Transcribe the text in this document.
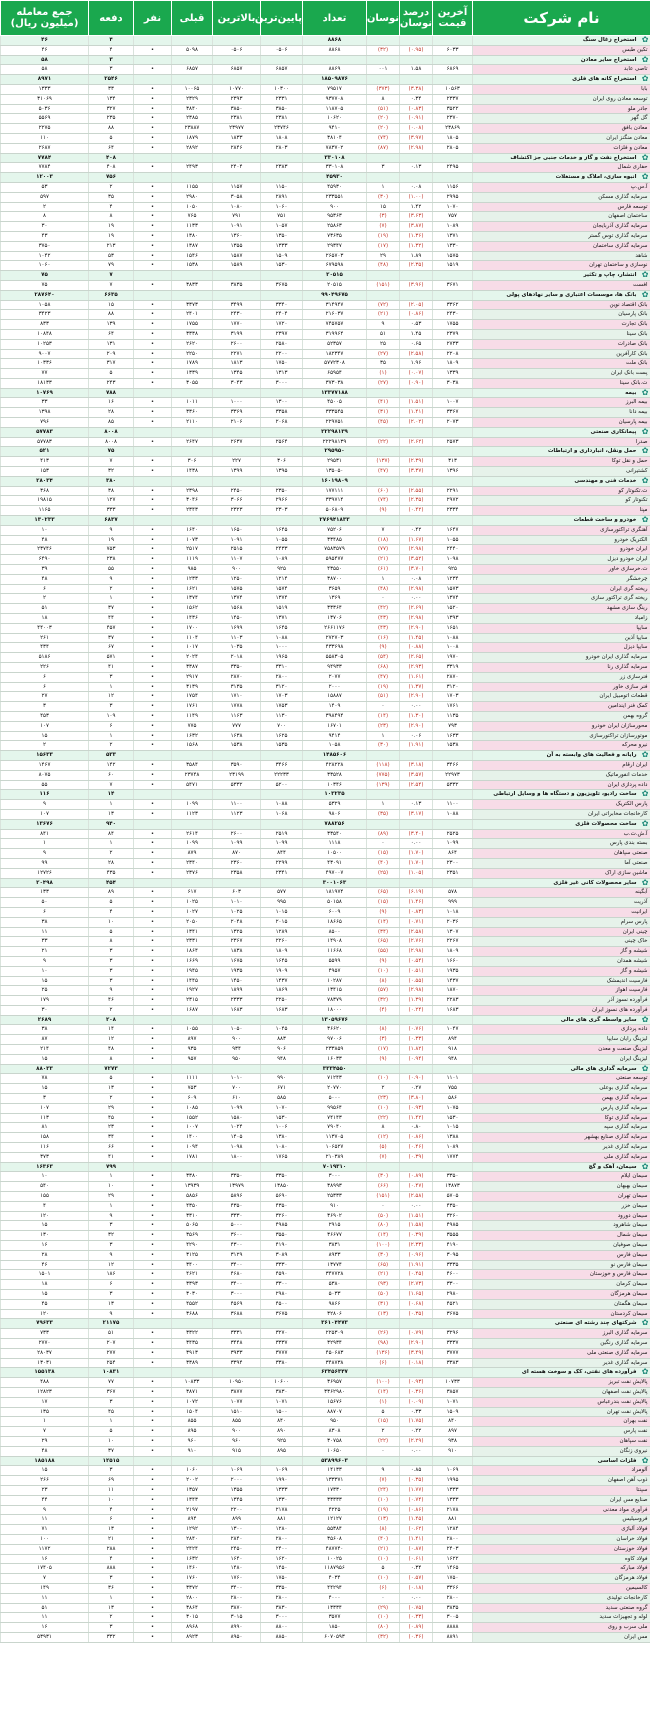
نام شرکت	آخرین قیمت	درصد نوسان	نوسان	تعداد	پایین‌ترین	بالاترین	قبلی	نفر	دفعه	جمع معامله (میلیون ریال)

✿
استخراج زغال سنگ				۸۸۶۸					۴	۴۶
تکین طبس	۶۰۳۳	(۰.۹۵)	(۳۲)	۸۸۶۸	۰۵۰۶	۰۵۰۶	۵۰۹۸	•	۴	۴۶

✿
استخراج سایر معادن									۳	۵۸
تاصی عابد	۶۸۶۹	۱.۵۸	۰۰۱	۸۸۶۹	۶۸۵۷	۶۸۵۷	۶۸۵۷	•	۳	۵۸

✿
استخراج کانه های فلزی				۱۸۵۰۹۸۷۶					۲۵۴۶	۸۹۷۱
بابا	۱۰۵۶۳	(۳.۳۸)	(۳۷۳)	۷۹۵۱۷	۱۰۳۰۰	۱۰۷۷۰	۱۰۰۶۵	•	۳۳	۱۳۳۳
توسعه معادن روی ایران	۲۳۳۷	۰.۳۴	۸	۹۳۷۷۰۸	۲۳۳۱	۲۳۹۳	۲۳۲۹	•	۱۳۴	۳۱۰۶۹
جادر ملو	۳۵۲۲	(۰.۸۳)	(۵۱)	۱۱۸۷۰۵	۳۸۵۰	۳۸۵۰	۳۸۴۰	•	۳۲۷	۵۰۳۶
گل گهر	۲۳۷۰	(۰.۹۱)	(۲۰)	۱۰۶۲۰	۲۳۸۱	۲۳۸۱	۲۳۸۵	•	۲۳۵	۵۵۶۹
معادن بافق	۲۳۸۶۹	(۰.۰۸)	(۲۰)	۹۴۱۰	۲۳۷۴۶	۲۳۹۷۷	۲۳۸۸۷	•	۸۸	۲۲۷۵
معادن منگنز ایران	۱۸۰۵	(۳.۹۷)	(۷۴)	۳۸۱۰۴	۱۸۰۸	۱۸۳۳	۱۸۷۹	•	۵	۱۱۰
معادن و فلزات	۲۸۰۵	(۲.۹۸)	(۸۷)	۷۸۳۷۰۲	۲۸۰۳	۲۸۴۶	۲۸۹۲	•	۶۴	۲۶۸۷

✿
استخراج نفت و گاز و خدمات جنبی جز اکتشاف				۳۳۰۱۰۸					۴۰۸	۷۷۸۴
حفاری شمال	۲۴۹۵	۰.۱۳	۳	۳۳۰۱۰۸	۲۳۸۳	۲۴۰۴	۲۴۹۳	•	۴۰۸	۷۷۸۴

✿
انبوه سازی، املاک و مستغلات				۴۵۹۳۰					۷۵۶	۱۲۰۰۳
آ.س.پ	۱۱۵۶	۰.۰۸	۱	۴۵۹۳۰	۱۱۵۰	۱۱۵۷	۱۱۵۵	•	۲	۵۳
سرمایه گذاری مسکن	۲۹۹۵	(۱.۰۰)	(۳۰)	۲۳۳۵۵۱	۲۸۹۱	۳۰۵۸	۲۹۸۰	•	۳۵	۵۹۷
توسعه فارس	۱۰۷۰	۱.۴۲	۱۵	۹۰۰	۱۰۶۰	۱۰۸۰	۱۰۵۰	•	۴	۲
ساختمان اصفهان	۷۵۷	(۳.۶۳)	(۳)	۹۵۳۶۳	۷۵۱	۷۹۱	۷۶۵	•	۸	۸
سرمایه گذاری آذربایجان	۱۰۸۹	(۳.۸۷)	(۷)	۲۵۸۶۳	۱۰۵۷	۱۰۹۱	۱۱۳۳	•	۱۹	۳۰
سرمایه گذاری توس گستر	۱۳۷۱	(۱.۳۶)	(۱۹)	۷۳۶۳۵	۱۳۵۰	۱۳۶۰	۱۳۸۰	•	۱۹	۴۳
سرمایه گذاری ساختمان	۱۳۳۰	(۱.۳۲)	(۱۷)	۲۹۳۴۷	۱۳۳۳	۱۳۵۵	۱۳۸۷	•	۲۱۳	۳۷۵۰
شاهد	۱۵۷۵	۱.۸۹	۲۹	۲۶۵۷۰۳	۱۵۰۹	۱۵۸۷	۱۵۴۶	•	۵۳	۱۰۴۲
نوسازی و ساختمان تهران	۱۵۱۹	(۲.۳۵)	(۴۸)	۶۷۹۵۹۸	۱۵۳۰	۱۵۸۹	۱۵۳۸	•	۷۹	۱۰۶۰

✿
انتشار، چاپ و تکثیر				۲۰۵۱۵					۷	۷۵
افست	۳۶۷۱	(۳.۹۶)	(۱۵۱)	۲۰۵۱۵	۳۶۷۵	۳۸۳۵	۳۸۳۳	•	۷	۷۵

✿
بانک ها، موسسات اعتباری و سایر نهادهای پولی				۹۹۰۴۹۶۷۵					۶۶۳۵	۲۸۷۶۴۰
بانک اقتصاد نوین	۳۳۶۲	(۲.۰۵)	(۷۲)	۳۱۴۹۴۷	۳۳۴۰	۳۴۹۹	۳۳۷۳	•	۱۵	۱۰۵۸
بانک پارسیان	۲۴۳۰	(۰.۸۶)	(۲۱)	۲۱۶۰۳۷	۲۴۰۴	۲۴۳۰	۲۴۰۱	•	۸۸	۳۴۲۳
بانک تجارت	۱۷۵۵	۰.۵۳	۹	۷۴۵۷۵۷	۱۷۲۰	۱۷۷۰	۱۷۵۵	•	۱۳۹	۸۳۳
بانک سینا	۲۳۷۹	۱.۴۵	۵۱	۳۱۹۹۶۴	۲۳۹۷	۳۱۹۹	۳۳۳۸	•	۶۴	۱۰۸۴۸
بانک صادرات	۲۷۳۳	۰.۶۵	۲۵	۵۲۳۵۷	۲۵۸۰	۲۶۰۰	۲۶۲۰	•	۱۳۱	۱۰۲۵۳
بانک کارآفرین	۲۲۰۸	(۲.۵۸)	(۲۷)	۱۸۲۳۴۷	۲۲۰۰	۲۲۷۱	۲۲۵۰	•	۲۰۹	۹۰۰۷
بانک ملت	۱۸۰۹	۱.۹۶	۳۵	۵۷۷۲۳۰۸	۱۷۵۰	۱۸۱۳	۱۷۸۹	•	۳۱۷	۱۰۳۳۶
پست بانک ایران	۱۳۳۹	(۰.۰۷)	(۱)	۶۵۹۵۴	۱۳۱۳	۱۳۴۵	۱۳۳۹	•	۵	۷۷
ت.بانک سینا	۳۰۳۸	(۰.۹۰)	(۲۷)	۳۷۳۰۳۸	۳۰۰۰	۳۰۴۳	۳۰۵۵	•	۲۴۳	۱۸۱۳۳

✿
بیمه				۱۳۳۷۷۱۸۸					۷۸۸	۱۰۷۶۹
بیمه البرز	۱۰۰۷	(۱.۵۱)	(۴۱)	۴۵۰۰۵	۱۳۰۰	۱۰۰۰	۱۰۱۱	•	۱۶	۳۳
بیمه دانا	۳۳۶۷	(۱.۴۱)	(۳۱)	۳۳۳۵۴۵	۳۳۵۸	۳۳۶۹	۳۳۶۰	•	۲۸	۱۳۹۸
بیمه پارسیان	۲۰۷۳	(۲.۰۲)	(۴۵)	۲۲۹۷۵۱	۲۰۶۸	۲۱۰۶	۲۱۱۰	•	۸۵	۷۹۶

✿
پیمانکاری صنعتی				۲۲۲۹۸۱۳۹					۸۰۰۸	۵۷۷۸۳
صدرا	۲۵۷۳	(۲.۶۲)	(۲۲)	۲۲۲۹۸۱۳۹	۲۵۶۴	۲۶۳۷	۲۶۴۷	•	۸۰۰۸	۵۷۷۸۳

✿
حمل ونقل، انبارداری و ارتباطات				۲۹۵۹۵۰					۷۵	۵۲۱
حمل و نقل توکا	۳۱۳	(۲.۳۹)	(۱۳۷)	۲۹۵۳۱	۳۰۶	۲۲۷	۳۰۶	•	۷	۴۱۳
کشتیرانی	۱۳۹۶	(۳.۳۷)	(۴۷)	۱۳۵۰۵۰	۱۳۹۵	۱۳۹۹	۱۴۳۸	•	۳۲	۱۵۳

✿
خدمات فنی و مهندسی				۱۶۰۱۹۸۰۹					۳۸۰	۲۸۰۳۴
ت.تکنوتار کو	۲۲۹۱	(۲.۵۵)	(۶۰)	۱۷۷۱۱۱	۲۳۵۰	۲۴۵۰	۲۳۹۸	•	۳۸	۳۶۸
تکنوتار کو	۲۹۷۲	(۲.۳۵)	(۷۴)	۳۳۹۷۱۴	۲۹۶۶	۳۰۶۶	۳۰۴۶	•	۱۲۷	۱۹۸۱۵
مپنا	۲۳۳۴	(۰.۴۲)	(۹)	۵۰۶۸۰۹	۲۳۰۳	۲۳۲۳	۲۳۴۳	•	۳۳۳	۱۱۶۵

✿
خودرو و ساخت قطعات				۲۷۶۹۴۱۸۳۳					۶۸۳۷	۱۳۰۲۳۳
آهنگری تراکتورسازی	۱۶۴۷	۰.۴۲	۷	۷۵۲۰۶	۱۶۴۵	۱۶۵۰	۱۶۴۰	•	۹	۱۰
الکتریک خودرو	۱۰۵۵	(۱.۶۷)	(۱۸)	۳۳۴۸۵	۱۰۵۵	۱۰۹۱	۱۰۷۳	•	۱۹	۴۸
ایران خودرو	۲۴۴۰	(۲.۹۸)	(۷۷)	۷۵۸۳۵۷۹	۲۴۳۳	۲۵۱۵	۲۵۱۷	•	۷۵۳	۲۳۷۴۶
ایران خودرو دیزل	۱۰۹۸	(۳.۵۲)	(۲۱)	۵۹۵۴۷۷	۱۰۸۹	۱۱۰۷	۱۱۱۹	•	۲۳۸	۶۴۹۰
ت.خرسازی خاور	۹۲۵	(۳.۷۰)	(۶۱)	۴۳۵۵۰	۹۲۵	۹۰۰	۹۸۵	•	۵۵	۳۹
چرخشگر	۱۲۳۴	۰.۰۸	۱	۳۸۷۰۰	۱۲۱۴	۱۲۵۰	۱۲۳۳	•	۹	۴۸
ریخته گری ایران	۱۵۷۳	(۲.۹۸)	(۴۸)	۳۶۵۹	۱۵۷۴	۱۵۷۵	۱۶۲۱	•	۲	۶
ریخته گری تراکتور سازی	۱۳۷۴	۰.۰۰	۰	۱۳۶۹	۱۳۷۴	۱۳۷۴	۱۳۷۴	•	۱	۲
رینگ سازی مشهد	۱۵۲۰	(۲.۶۹)	(۴۲)	۳۳۳۶۴	۱۵۱۹	۱۵۶۸	۱۵۶۲	•	۳۷	۵۱
زامیاد	۱۳۹۳	(۲.۹۸)	(۴۳)	۱۳۷۰۶	۱۳۷۱	۱۴۵۰	۱۴۳۶	•	۴۴	۱۸
سایپا	۱۶۵۱	(۲.۹۰)	(۴۳)	۲۶۶۱۱۷۶	۱۶۴۵	۱۶۹۹	۱۷۰۰	•	۴۵۷	۴۴۰۰۳
سایپا آذین	۱۰۸۸	(۱.۴۵)	(۱۶)	۲۷۲۷۰۳	۱۰۸۸	۱۱۰۳	۱۱۰۴	•	۳۷	۲۶۱
سایپا دیزل	۱۰۰۸	(۰.۸۸)	(۹)	۴۳۳۶۹۸	۱۰۰۰	۱۰۳۵	۱۰۱۷	•	۶۷	۴۳۴
سرمایه گذاری ایران خودرو	۱۹۷۰	(۲.۶۵)	(۵۴)	۵۵۸۳۰۵	۱۹۶۵	۲۰۱۸	۲۰۲۴	•	۵۷۱	۵۱۸۶
سرمایه گذاری رنا	۳۳۱۹	(۲.۹۳)	(۶۸)	۹۴۹۳۳	۳۳۱۰	۳۳۵۰	۳۳۸۷	•	۴۱	۲۲۶
فنرسازی زر	۲۸۷۰	(۱.۶۱)	(۴۷)	۲۰۷۷	۲۸۰۰	۲۸۷۰	۲۹۱۷	•	۳	۶
فنر سازی خاور	۳۱۲۰	(۱.۳۷)	(۱۹)	۲۰۰۰	۳۱۲۰	۳۱۳۵	۳۱۳۹	•	۱	۶
قطعات اتومبیل ایران	۱۷۰۳	(۲.۹۰)	(۵۱)	۱۵۸۸۷	۱۷۰۳	۱۷۱۰	۱۷۵۴	•	۱۲	۲۷
کمک فنر ایندامین	۱۷۶۱	۰.۰۰	۰	۱۴۰۹	۱۷۵۳	۱۷۷۸	۱۷۶۱	•	۳	۳
گروه بهمن	۱۱۳۵	(۱.۳۰)	(۱۴)	۳۹۸۴۹۴	۱۱۳۰	۱۱۶۳	۱۱۴۹	•	۱۰۹	۴۵۳
محورسازان ایران خودرو	۷۹۳	(۲.۹۰)	(۲۳)	۱۶۷۰۱	۷۰۰	۷۷۷	۷۷۵	•	۶	۱۰۷
موتورسازان تراکتورسازی	۱۶۳۳	۰.۰۶	۱	۹۴۱۴	۱۶۲۵	۱۶۳۸	۱۶۳۲	•	۱	۱۵
نیرو محرکه	۱۵۳۸	(۱.۹۱)	(۳۰)	۱۰۵۸	۱۵۳۵	۱۵۳۸	۱۵۶۸	•	۲	۲

✿
رایانه و فعالیت های وابسته به آن				۱۴۸۵۶۰۶					۵۳۳	۱۵۶۳۳
ایران ارقام	۳۴۶۶	(۳.۱۸)	(۱۱۸)	۴۲۸۲۲۸	۳۴۶۶	۳۵۹۰	۳۵۸۴	•	۱۴۲	۱۴۶۷
خدمات انفورماتیک	۲۲۹۷۳	(۳.۵۷)	(۷۷۵)	۳۳۵۲۸	۲۲۲۳۳	۲۳۱۹۹	۲۳۷۴۸	•	۶۰	۸۰۷۵
داده پردازی ایران	۵۳۳۲	(۲.۵۴)	(۱۳۹)	۱۰۳۴۶	۵۲۰۰	۵۳۳۲	۵۴۷۱	•	۷	۵۵

✿
ساخت رادیو، تلویزیون و دستگاه ها و وسایل ارتباطی				۱۰۳۲۳۵					۱۴	۱۱۶
پارس الکتریک	۱۱۰۰	۰.۱۳	۱	۵۳۲۹	۱۰۸۸	۱۱۰۰	۱۰۹۹	•	۱	۹
کارخانجات مخابراتی ایران	۱۰۸۸	(۳.۱۷)	(۳۵)	۹۸۰۶	۱۰۶۸	۱۱۲۳	۱۱۲۳	•	۱۳	۱۰۷

✿
ساخت محصولات فلزی				۷۸۸۲۵۶					۹۴۰	۱۳۶۷۶
آ.ش.ت.ب	۲۵۲۵	(۳.۴۰)	(۸۹)	۳۳۵۴۰	۲۵۱۹	۲۶۰۰	۲۶۱۴	•	۸۴	۸۴۱
بسته بندی پارس	۱۰۹۹	۰.۰۰	۰	۱۱۱۸	۱۰۹۹	۱۰۹۹	۱۰۹۹	•	۱	۱
صنعتی سپاهان	۸۶۴	(۱.۷۰)	(۱۵)	۱۰۵۰۰	۸۴۴	۸۷۰	۸۷۹	•	۲	۹
صنعتی آما	۲۳۰۰	(۱.۷۰)	(۴۰)	۴۳۰۹۱	۲۲۹۹	۲۳۶۰	۲۳۴۰	•	۲۸	۹۹
ماشین سازی اراک	۲۳۵۱	(۱.۰۵)	(۲۵)	۴۹۷۰۰۷	۲۳۴۱	۲۳۵۸	۲۳۷۶	•	۴۳۵	۱۲۷۲۶

✿
سایر محصولات کانی غیر فلزی				۳۰۰۱۰۶۳					۴۵۴	۲۰۴۹۸
آبگینه	۵۷۸	(۶.۱۹)	(۶۵)	۱۸۱۹۷۴	۵۷۷	۶۰۳	۶۱۷	•	۸۹	۱۳۳
آذریت	۹۹۹	(۱.۴۶)	(۱۵)	۵۰۱۵۸	۹۹۵	۱۰۱۰	۱۰۲۵	•	۵	۵۰
ایرانیت	۱۰۱۸	(۰.۸۳)	(۹)	۶۰۰۹	۱۰۱۵	۱۰۲۵	۱۰۲۷	•	۴	۶
پارس سرام	۲۰۳۶	(۰.۷۱)	(۱۴)	۱۸۶۶۵	۲۰۱۵	۲۰۴۸	۲۰۵۰	•	۱۰	۳۸
چینی ایران	۱۳۰۷	(۲.۵۸)	(۳۴)	۸۵۰۰	۱۲۸۹	۱۳۲۵	۱۳۴۱	•	۵	۱۱
خاک چینی	۲۲۶۷	(۲.۷۶)	(۶۵)	۱۴۹۰۸	۲۲۶۰	۲۳۶۷	۲۳۳۱	•	۸	۳۳
شیشه و گاز	۱۸۰۹	(۲.۹۸)	(۵۵)	۱۱۶۶۸	۱۸۰۹	۱۸۳۸	۱۸۶۴	•	۳	۲۱
شیشه همدان	۱۶۶۰	(۰.۵۴)	(۹)	۵۵۹۹	۱۶۴۵	۱۶۷۵	۱۶۶۹	•	۳	۹
شیشه و گاز	۱۹۳۵	(۰.۵۱)	(۱۰)	۴۹۵۷	۱۹۰۹	۱۹۳۵	۱۹۴۵	•	۳	۱۰
فارسیت اندیمشک	۱۴۳۷	(۰.۵۵)	(۸)	۱۰۲۸۷	۱۴۳۷	۱۴۵۰	۱۴۴۵	•	۳	۱۵
فارسیت اهواز	۱۸۷۰	(۲.۹۸)	(۵۷)	۱۳۴۱۵	۱۸۶۹	۱۸۹۹	۱۹۲۷	•	۹	۲۵
فرآورده نسوز آذر	۲۲۸۳	(۱.۳۹)	(۳۲)	۷۸۳۷۹	۲۲۵۰	۲۳۳۳	۲۳۱۵	•	۴۶	۱۷۹
فرآورده های نسوز ایران	۱۶۸۳	(۰.۲۴)	(۴)	۱۸۰۰۰	۱۶۸۳	۱۶۸۳	۱۶۸۷	•	۲	۳۰

✿
سایر واسطه گری های مالی				۱۳۰۵۹۶۷۶					۲۰۸	۲۶۸۹
داده پردازی	۱۰۴۷	(۰.۷۶)	(۸)	۳۶۶۲۰	۱۰۴۵	۱۰۵۰	۱۰۵۵	•	۱۴	۳۸
لیزینگ رایان سایپا	۸۹۴	(۰.۳۳)	(۳)	۹۷۰۰۶	۸۸۳	۹۰۰	۸۹۷	•	۱۲	۸۷
لیزینگ صنعت و معدن	۹۱۸	(۱.۸۲)	(۱۷)	۲۳۳۸۵۹	۹۰۶	۹۳۴	۹۳۵	•	۴۸	۲۱۴
لیزینگ ایران	۹۴۸	(۰.۹۴)	(۹)	۱۶۰۳۳	۹۴۸	۹۵۰	۹۵۷	•	۸	۱۵

✿
سرمایه گذاری های مالی				۳۳۳۴۵۵۰					۷۲۷۳	۸۸۰۳۳
توسعه صنعتی	۱۱۰۱	(۰.۹۰)	(۱۰)	۷۱۲۴۳	۹۹۰	۱۰۱۰	۱۱۱۱	•	۵	۷۸
سرمایه گذاری بوعلی	۷۵۵	۰.۲۷	۲	۲۰۷۷۰	۶۷۱	۷۰۰	۷۵۳	•	۱۳	۱۵
سرمایه گذاری بهمن	۵۸۶	(۳.۸۰)	(۲۳)	۵۰۰۰	۵۸۵	۶۱۰	۶۰۹	•	۲	۳
سرمایه گذاری پارس	۱۰۷۵	(۰.۹۳)	(۱۰)	۹۹۵۶۴	۱۰۷۰	۱۰۹۹	۱۰۸۵	•	۲۹	۱۰۷
سرمایه گذاری توکا	۱۵۳۰	(۱.۴۲)	(۲۲)	۷۴۱۴۳	۱۵۳۰	۱۵۸۰	۱۵۵۲	•	۴۵	۱۱۳
سرمایه گذاری سپه	۱۰۱۵	۰.۸۰	۸	۷۹۰۴۰	۱۰۰۶	۱۰۲۴	۱۰۰۷	•	۲۳	۸۱
سرمایه گذاری صنایع بهشهر	۱۳۸۸	(۰.۸۶)	(۱۲)	۱۱۳۷۰۵	۱۳۸۰	۱۴۰۵	۱۴۰۰	•	۳۴	۱۵۸
سرمایه گذاری غدیر	۱۰۸۹	(۰.۴۶)	(۵)	۱۰۶۵۲۷	۱۰۸۰	۱۰۹۸	۱۰۹۴	•	۶۶	۱۱۶
سرمایه گذاری ملی	۱۷۷۴	(۰.۳۹)	(۷)	۲۱۰۳۸۹	۱۷۶۵	۱۸۰۰	۱۷۸۱	•	۴۱	۳۷۳

✿
سیمان، آهک و گچ				۷۰۱۹۳۱۰					۷۹۹	۱۶۳۶۳
سیمان ایلام	۳۳۵۰	(۰.۸۹)	(۳۰)	۳۰۰۰	۳۳۵۰	۳۳۵۰	۳۳۸۰	•	۱	۱۰
سیمان بهبهان	۱۳۸۷۳	(۰.۴۷)	(۶۶)	۳۸۹۹۳	۱۳۸۵۰	۱۳۹۷۹	۱۳۹۳۹	•	۱۰	۵۴۰
سیمان تهران	۵۷۰۵	(۲.۵۸)	(۱۵۱)	۲۵۳۳۳	۵۶۹۰	۵۸۹۶	۵۸۵۶	•	۲۹	۱۵۵
سیمان خزر	۴۳۵۰	۰.۰۰	۰	۹۱۰	۴۳۵۰	۴۳۵۰	۴۳۵۰	•	۱	۴
سیمان دورود	۳۲۶۰	(۱.۵۱)	(۵۰)	۳۶۹۰۲	۳۲۶۰	۳۳۳۰	۳۳۱۰	•	۹	۱۲۰
سیمان شاهرود	۴۹۸۵	(۱.۵۸)	(۸۰)	۲۹۱۵	۴۹۸۵	۵۰۰۰	۵۰۶۵	•	۳	۱۵
سیمان شمال	۳۵۵۵	(۰.۳۹)	(۱۴)	۳۶۶۷۷	۳۵۵۰	۳۶۰۰	۳۵۶۹	•	۳۲	۱۳۰
سیمان صوفیان	۴۱۹۰	(۲.۳۳)	(۱۰۰)	۳۸۳۱	۴۱۹۰	۴۳۰۰	۴۲۹۰	•	۳	۱۶
سیمان فارس	۳۰۹۵	(۰.۹۶)	(۳۰)	۸۹۳۳	۳۰۸۹	۳۱۲۹	۳۱۲۵	•	۹	۲۸
سیمان فارس نو	۳۳۳۵	(۱.۹۱)	(۶۵)	۱۳۷۷۴	۳۳۳۰	۳۴۰۰	۳۴۰۰	•	۱۲	۴۶
سیمان فارس و خوزستان	۴۶۰۰	(۰.۴۵)	(۲۱)	۳۴۷۷۲۸	۴۵۹۰	۴۶۸۰	۴۶۲۱	•	۱۸۶	۱۵۰۱
سیمان کرمان	۳۳۰۰	(۲.۷۳)	(۹۳)	۵۳۸۰	۳۳۰۰	۳۴۰۰	۳۳۹۳	•	۶	۱۸
سیمان هرمزگان	۲۹۸۰	(۱.۶۵)	(۵۰)	۵۰۳۳	۲۹۸۰	۳۰۰۰	۳۰۳۰	•	۳	۱۵
سیمان هگمتان	۴۵۲۱	(۰.۶۸)	(۳۱)	۹۸۶۶	۴۵۰۰	۴۵۶۹	۴۵۵۲	•	۱۳	۴۵
سیمان کردستان	۳۶۷۵	(۰.۳۵)	(۱۳)	۳۲۸۰۶	۳۶۷۵	۳۶۸۸	۳۶۸۸	•	۹	۱۲۰

✿
شرکتهای چند رشته ای صنعتی				۳۶۱۰۴۴۷۳					۲۱۱۷۵	۷۹۶۳۳
سرمایه گذاری البرز	۳۲۹۶	(۰.۷۹)	(۲۶)	۲۲۵۳۰۹	۳۲۷۰	۳۳۳۱	۳۳۲۲	•	۵۱	۷۳۳
سرمایه گذاری رنگین	۳۳۳۷	(۲.۹۰)	(۹۸)	۳۲۹۳۴	۳۳۳۷	۳۴۴۸	۳۴۳۵	•	۲۰۷	۲۷۷۰
سرمایه گذاری صنعتی ملی	۳۷۷۷	(۳.۴۹)	(۱۳۶)	۴۵۰۶۸۳	۳۷۷۷	۳۹۳۳	۳۹۱۳	•	۲۷۷	۲۸۰۳۷
سرمایه گذاری غدیر	۳۳۸۳	(۰.۱۸)	(۶)	۳۴۸۷۳۸	۳۳۸۰	۳۳۹۴	۳۳۸۹	•	۲۵۴	۱۳۰۳۱

✿
فرآورده های نفتی، کک و سوخت هسته ای				۶۳۴۵۶۳۴۷					۱۰۸۳۱	۱۵۵۱۳۸
پالایش نفت تبریز	۱۰۷۳۳	(۰.۹۳)	(۱۰۰)	۳۶۹۵۷	۱۰۶۰۰	۱۰۹۵۰	۱۰۸۳۳	•	۷۷	۴۸۸
پالایش نفت اصفهان	۳۸۵۷	(۰.۳۶)	(۱۴)	۳۳۶۲۹۸۰	۳۸۳۰	۳۸۷۷	۳۸۷۱	•	۳۶۷	۱۲۸۲۳
پالایش نفت بندرعباس	۱۰۷۱	(۰.۰۹)	(۱)	۱۵۶۷۶	۱۰۷۱	۱۰۷۷	۱۰۷۲	•	۳	۱۷
پالایش نفت تهران	۱۵۰۹	۰.۳۳	۵	۸۸۷۰۷	۱۵۰۰	۱۵۱۰	۱۵۰۴	•	۴۵	۱۳۵
نفت بهران	۸۴۰	(۱.۷۵)	(۱۵)	۹۵۰	۸۴۰	۸۵۵	۸۵۵	•	۱	۱
نفت پارس	۸۹۷	۰.۲۲	۲	۸۳۰۸	۸۹۰	۹۰۰	۸۹۵	•	۵	۷
نفت سپاهان	۹۳۸	(۲.۲۹)	(۲۲)	۳۰۷۵۸	۹۲۵	۹۶۰	۹۶۰	•	۱۰	۲۹
نیروی زنگان	۹۱۰	۰.۰۰	۰	۱۰۶۵۰	۸۹۵	۹۱۵	۹۱۰	•	۳۷	۴۸

✿
فلزات اساسی				۵۳۸۹۹۶۰۳					۱۲۵۱۵	۱۸۵۱۸۸
آلومراد	۱۰۶۹	۰.۸۵	۹	۱۴۱۳۳	۱۰۶۹	۱۰۶۹	۱۰۶۰	•	۳	۱۵
ذوب آهن اصفهان	۱۹۹۵	(۰.۳۵)	(۷)	۱۳۳۳۷۱	۱۹۹۰	۲۰۰۰	۲۰۰۲	•	۶۹	۲۶۶
سپنتا	۱۳۳۳	(۱.۷۷)	(۲۴)	۱۷۳۳۰	۱۳۳۳	۱۳۵۵	۱۳۵۷	•	۱۱	۲۳
صنایع مس ایران	۱۳۳۳	(۰.۷۴)	(۱۰)	۳۳۳۳۳	۱۳۳۰	۱۳۴۵	۱۳۴۳	•	۱۰	۴۴
فرآوری مواد معدنی	۲۱۷۸	(۰.۸۶)	(۱۹)	۴۲۲۵	۲۱۷۸	۲۲۰۰	۲۱۹۷	•	۴	۹
فروسیلیس	۸۸۱	(۱.۴۵)	(۱۳)	۱۲۱۲۷	۸۸۱	۸۹۹	۸۹۴	•	۶	۱۱
فولاد آلیاژی	۱۲۸۴	(۰.۶۲)	(۸)	۵۵۳۸۴	۱۲۸۰	۱۳۰۰	۱۲۹۲	•	۱۳	۷۱
فولاد خراسان	۲۸۰۰	(۱.۴۱)	(۴۰)	۳۵۶۰۸	۲۸۰۰	۲۸۴۰	۲۸۴۰	•	۲۱	۱۰۰
فولاد خوزستان	۲۴۰۳	(۰.۸۷)	(۲۱)	۴۸۷۷۴۰	۲۴۰۰	۲۴۵۰	۲۴۲۴	•	۲۸۸	۱۱۷۲
فولاد کاوه	۱۶۲۲	(۰.۶۱)	(۱۰)	۱۰۰۲۵	۱۶۲۰	۱۶۴۰	۱۶۳۲	•	۴	۱۶
فولاد مبارکه	۱۴۶۵	۰.۳۴	۵	۱۱۸۷۹۵۶	۱۴۵۰	۱۴۸۰	۱۴۶۰	•	۸۸۸	۱۷۴۰۵
فولاد هرمزگان	۱۷۵۰	(۰.۵۷)	(۱۰)	۴۰۳۴	۱۷۵۰	۱۷۶۰	۱۷۶۰	•	۳	۷
کالسیمین	۳۳۶۶	(۰.۱۸)	(۶)	۴۴۲۹۴	۳۳۵۰	۳۴۰۰	۳۳۷۲	•	۳۶	۱۴۹
کارخانجات تولیدی	۲۸۰۰	۰.۰۰	۰	۴۰۰۰	۲۸۰۰	۲۸۰۰	۲۸۰۰	•	۱	۱۱
گروه صنعتی سدید	۳۸۳۵	(۰.۷۵)	(۲۹)	۱۳۳۳۴	۳۸۳۰	۳۸۷۰	۳۸۶۴	•	۱۳	۵۱
لوله و تجهیزات سدید	۳۰۰۵	(۰.۳۳)	(۱۰)	۳۵۷۷	۳۰۰۰	۳۰۱۵	۳۰۱۵	•	۲	۱۱
ملی سرب و روی	۸۸۸۸	(۰.۸۹)	(۸۰)	۱۸۵۰	۸۸۰۰	۸۹۹۰	۸۹۶۸	•	۳	۱۶
مس ایران	۸۸۹۱	(۰.۳۶)	(۳۲)	۶۰۷۰۵۹۳	۸۸۵۰	۸۹۵۰	۸۹۲۳	•	۳۳۲	۵۳۹۳۱
